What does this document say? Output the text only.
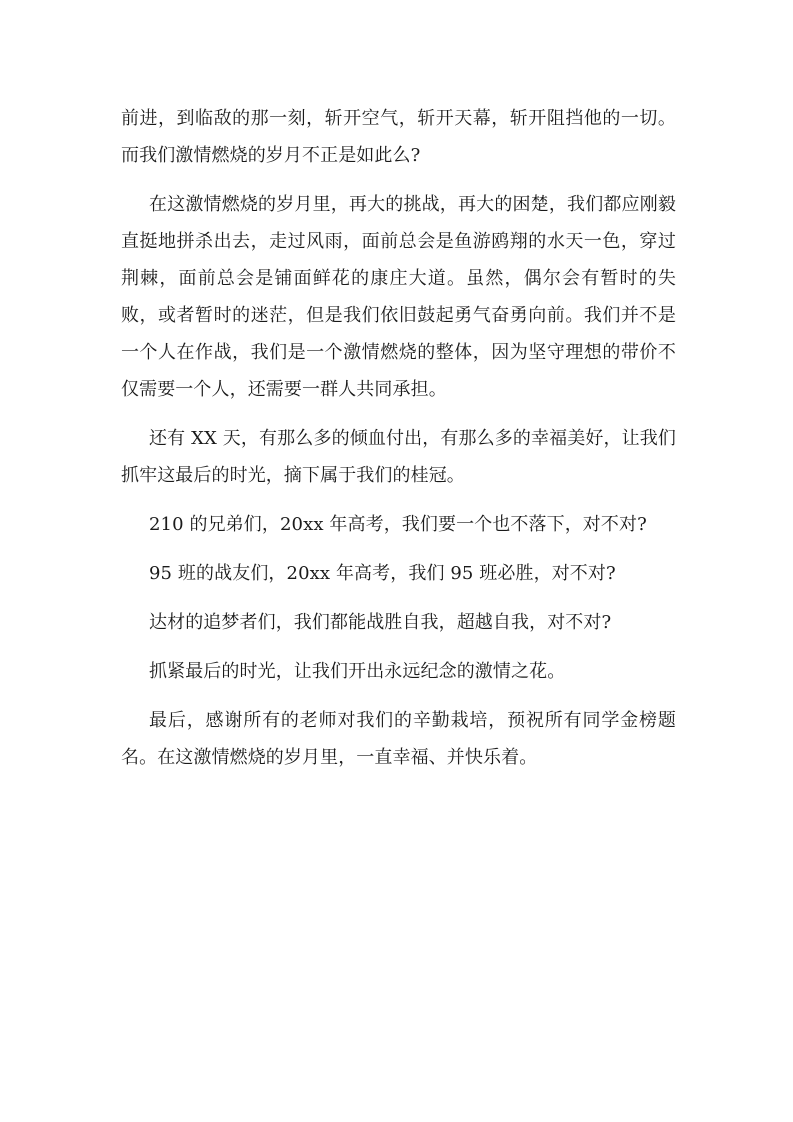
前进，到临敌的那一刻，斩开空气，斩开天幕，斩开阻挡他的一切。而我们激情燃烧的岁月不正是如此么?

在这激情燃烧的岁月里，再大的挑战，再大的困楚，我们都应刚毅直挺地拼杀出去，走过风雨，面前总会是鱼游鸥翔的水天一色，穿过荆棘，面前总会是铺面鲜花的康庄大道。虽然，偶尔会有暂时的失败，或者暂时的迷茫，但是我们依旧鼓起勇气奋勇向前。我们并不是一个人在作战，我们是一个激情燃烧的整体，因为坚守理想的带价不仅需要一个人，还需要一群人共同承担。

还有 XX 天，有那么多的倾血付出，有那么多的幸福美好，让我们抓牢这最后的时光，摘下属于我们的桂冠。

210 的兄弟们，20xx 年高考，我们要一个也不落下，对不对?

95 班的战友们，20xx 年高考，我们 95 班必胜，对不对?

达材的追梦者们，我们都能战胜自我，超越自我，对不对?

抓紧最后的时光，让我们开出永远纪念的激情之花。

最后，感谢所有的老师对我们的辛勤栽培，预祝所有同学金榜题名。在这激情燃烧的岁月里，一直幸福、并快乐着。
